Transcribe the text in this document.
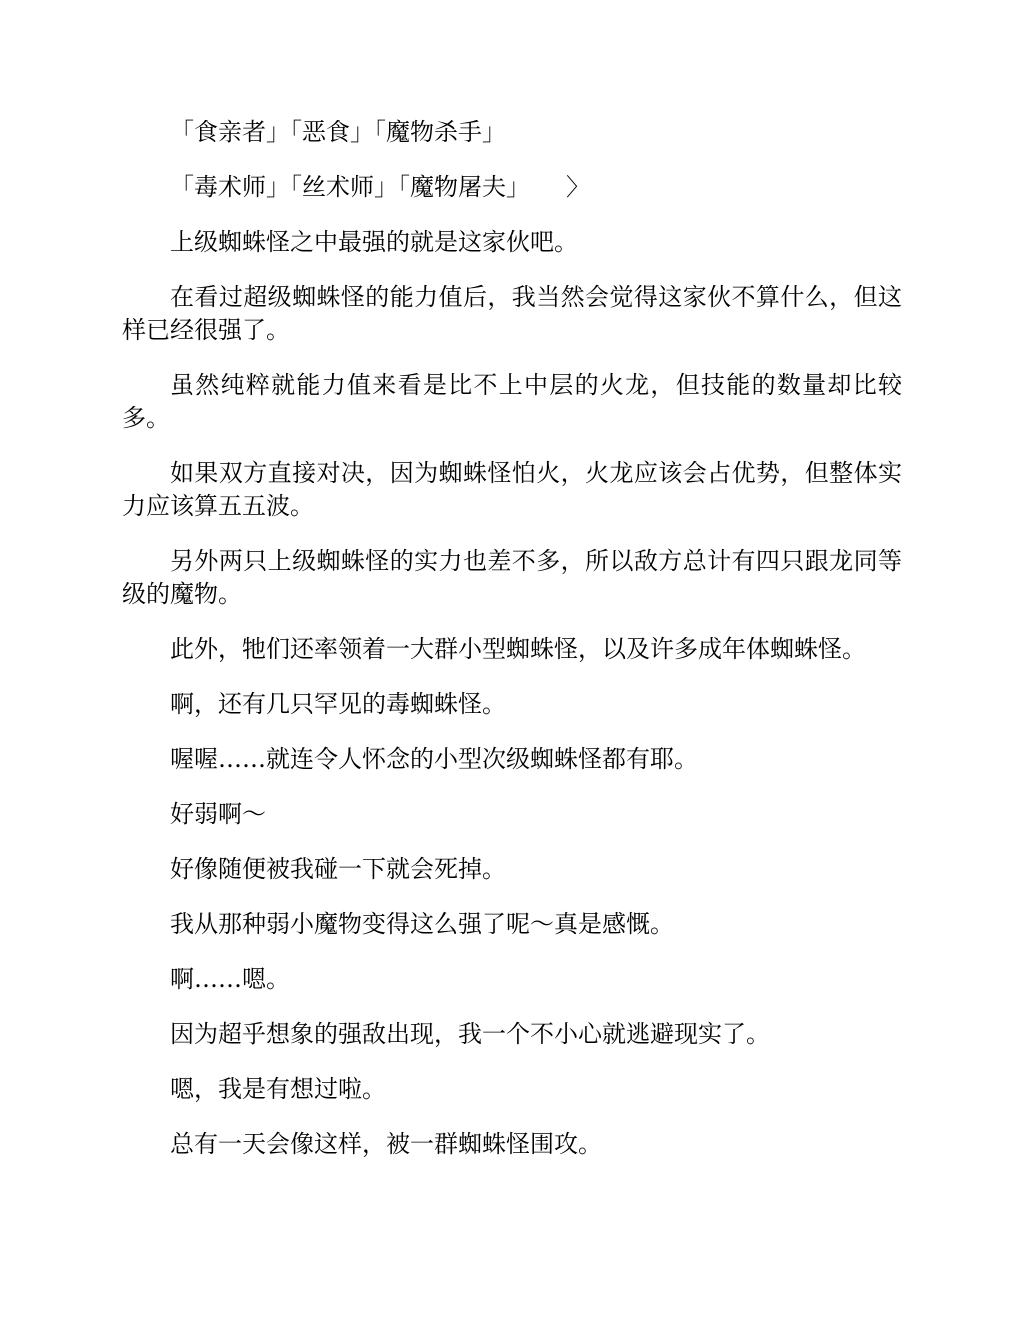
「食亲者」「恶食」「魔物杀手」

「毒术师」「丝术师」「魔物屠夫」　　〉

上级蜘蛛怪之中最强的就是这家伙吧。

在看过超级蜘蛛怪的能力值后，我当然会觉得这家伙不算什么，但这样已经很强了。

虽然纯粹就能力值来看是比不上中层的火龙，但技能的数量却比较多。

如果双方直接对决，因为蜘蛛怪怕火，火龙应该会占优势，但整体实力应该算五五波。

另外两只上级蜘蛛怪的实力也差不多，所以敌方总计有四只跟龙同等级的魔物。

此外，牠们还率领着一大群小型蜘蛛怪，以及许多成年体蜘蛛怪。

啊，还有几只罕见的毒蜘蛛怪。

喔喔……就连令人怀念的小型次级蜘蛛怪都有耶。

好弱啊～

好像随便被我碰一下就会死掉。

我从那种弱小魔物变得这么强了呢～真是感慨。

啊……嗯。

因为超乎想象的强敌出现，我一个不小心就逃避现实了。

嗯，我是有想过啦。

总有一天会像这样，被一群蜘蛛怪围攻。
